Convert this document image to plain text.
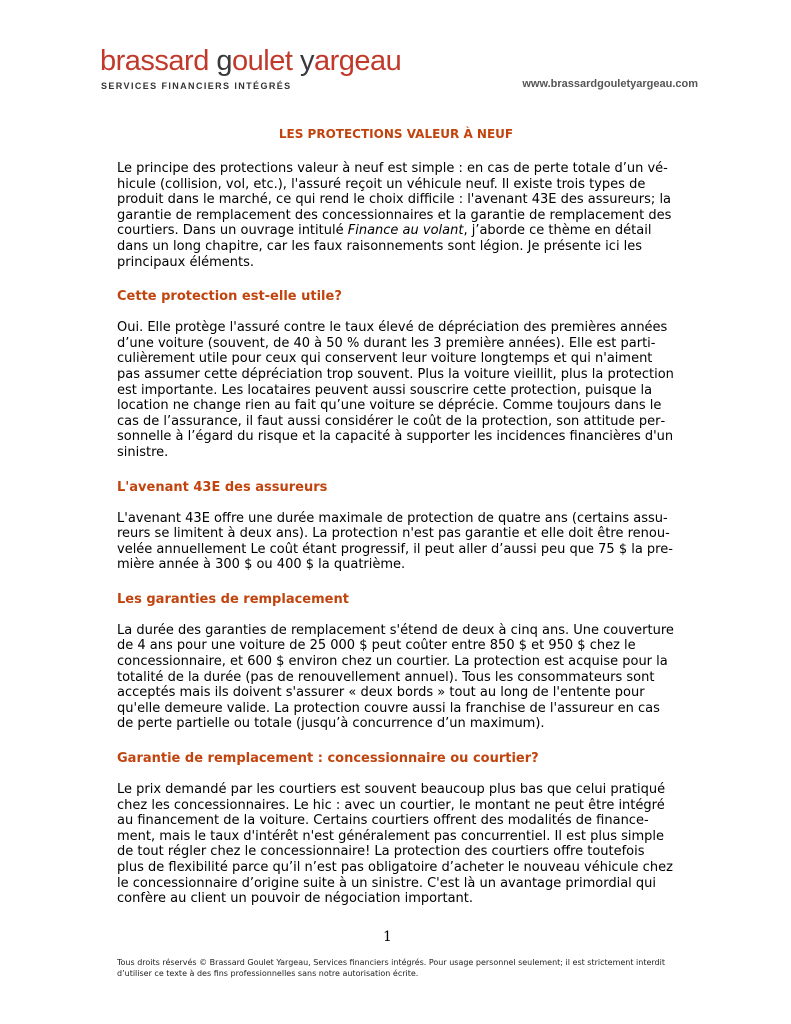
brassard goulet yargeau
SERVICES FINANCIERS INTÉGRÉS	www.brassardgouletyargeau.com

LES PROTECTIONS VALEUR À NEUF

Le principe des protections valeur à neuf est simple : en cas de perte totale d’un véhicule (collision, vol, etc.), l'assuré reçoit un véhicule neuf. Il existe trois types de produit dans le marché, ce qui rend le choix difficile : l'avenant 43E des assureurs; la garantie de remplacement des concessionnaires et la garantie de remplacement des courtiers. Dans un ouvrage intitulé Finance au volant, j’aborde ce thème en détail dans un long chapitre, car les faux raisonnements sont légion. Je présente ici les principaux éléments.

Cette protection est-elle utile?

Oui. Elle protège l'assuré contre le taux élevé de dépréciation des premières années d’une voiture (souvent, de 40 à 50 % durant les 3 première années). Elle est particulièrement utile pour ceux qui conservent leur voiture longtemps et qui n'aiment pas assumer cette dépréciation trop souvent. Plus la voiture vieillit, plus la protection est importante. Les locataires peuvent aussi souscrire cette protection, puisque la location ne change rien au fait qu’une voiture se déprécie. Comme toujours dans le cas de l’assurance, il faut aussi considérer le coût de la protection, son attitude personnelle à l’égard du risque et la capacité à supporter les incidences financières d'un sinistre.

L'avenant 43E des assureurs

L'avenant 43E offre une durée maximale de protection de quatre ans (certains assureurs se limitent à deux ans). La protection n'est pas garantie et elle doit être renouvelée annuellement Le coût étant progressif, il peut aller d’aussi peu que 75 $ la première année à 300 $ ou 400 $ la quatrième.

Les garanties de remplacement

La durée des garanties de remplacement s'étend de deux à cinq ans. Une couverture de 4 ans pour une voiture de 25 000 $ peut coûter entre 850 $ et 950 $ chez le concessionnaire, et 600 $ environ chez un courtier. La protection est acquise pour la totalité de la durée (pas de renouvellement annuel). Tous les consommateurs sont acceptés mais ils doivent s'assurer « deux bords » tout au long de l'entente pour qu'elle demeure valide. La protection couvre aussi la franchise de l'assureur en cas de perte partielle ou totale (jusqu’à concurrence d’un maximum).

Garantie de remplacement : concessionnaire ou courtier?

Le prix demandé par les courtiers est souvent beaucoup plus bas que celui pratiqué chez les concessionnaires. Le hic : avec un courtier, le montant ne peut être intégré au financement de la voiture. Certains courtiers offrent des modalités de financement, mais le taux d'intérêt n'est généralement pas concurrentiel. Il est plus simple de tout régler chez le concessionnaire! La protection des courtiers offre toutefois plus de flexibilité parce qu’il n’est pas obligatoire d’acheter le nouveau véhicule chez le concessionnaire d’origine suite à un sinistre. C'est là un avantage primordial qui confère au client un pouvoir de négociation important.

1
Tous droits réservés © Brassard Goulet Yargeau, Services financiers intégrés. Pour usage personnel seulement; il est strictement interdit d’utiliser ce texte à des fins professionnelles sans notre autorisation écrite.
